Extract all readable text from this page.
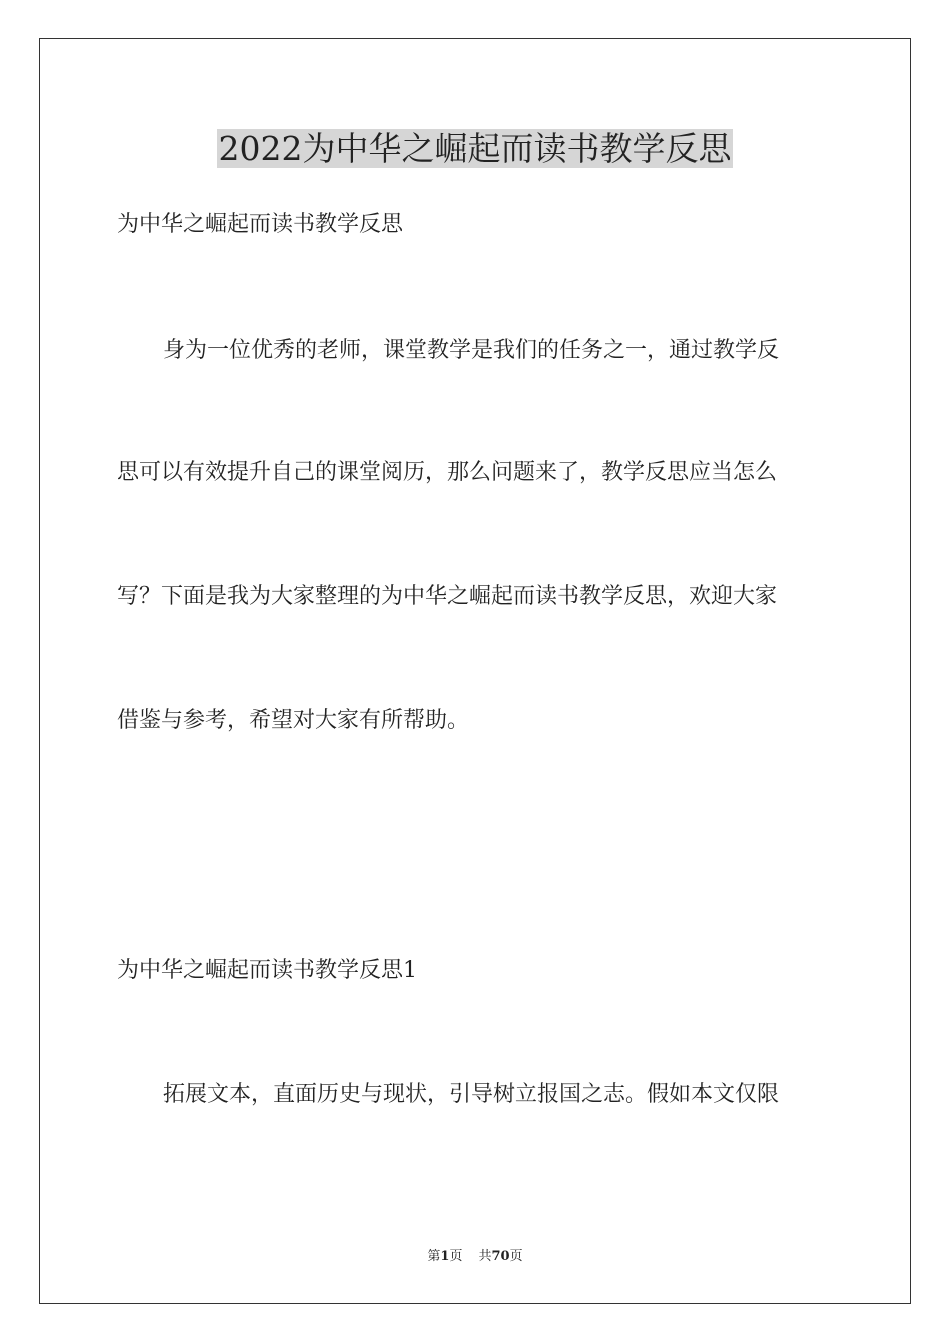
2022为中华之崛起而读书教学反思

为中华之崛起而读书教学反思

身为一位优秀的老师，课堂教学是我们的任务之一，通过教学反

思可以有效提升自己的课堂阅历，那么问题来了，教学反思应当怎么

写？下面是我为大家整理的为中华之崛起而读书教学反思，欢迎大家

借鉴与参考，希望对大家有所帮助。

为中华之崛起而读书教学反思1

拓展文本，直面历史与现状，引导树立报国之志。假如本文仅限

第1页 共70页
